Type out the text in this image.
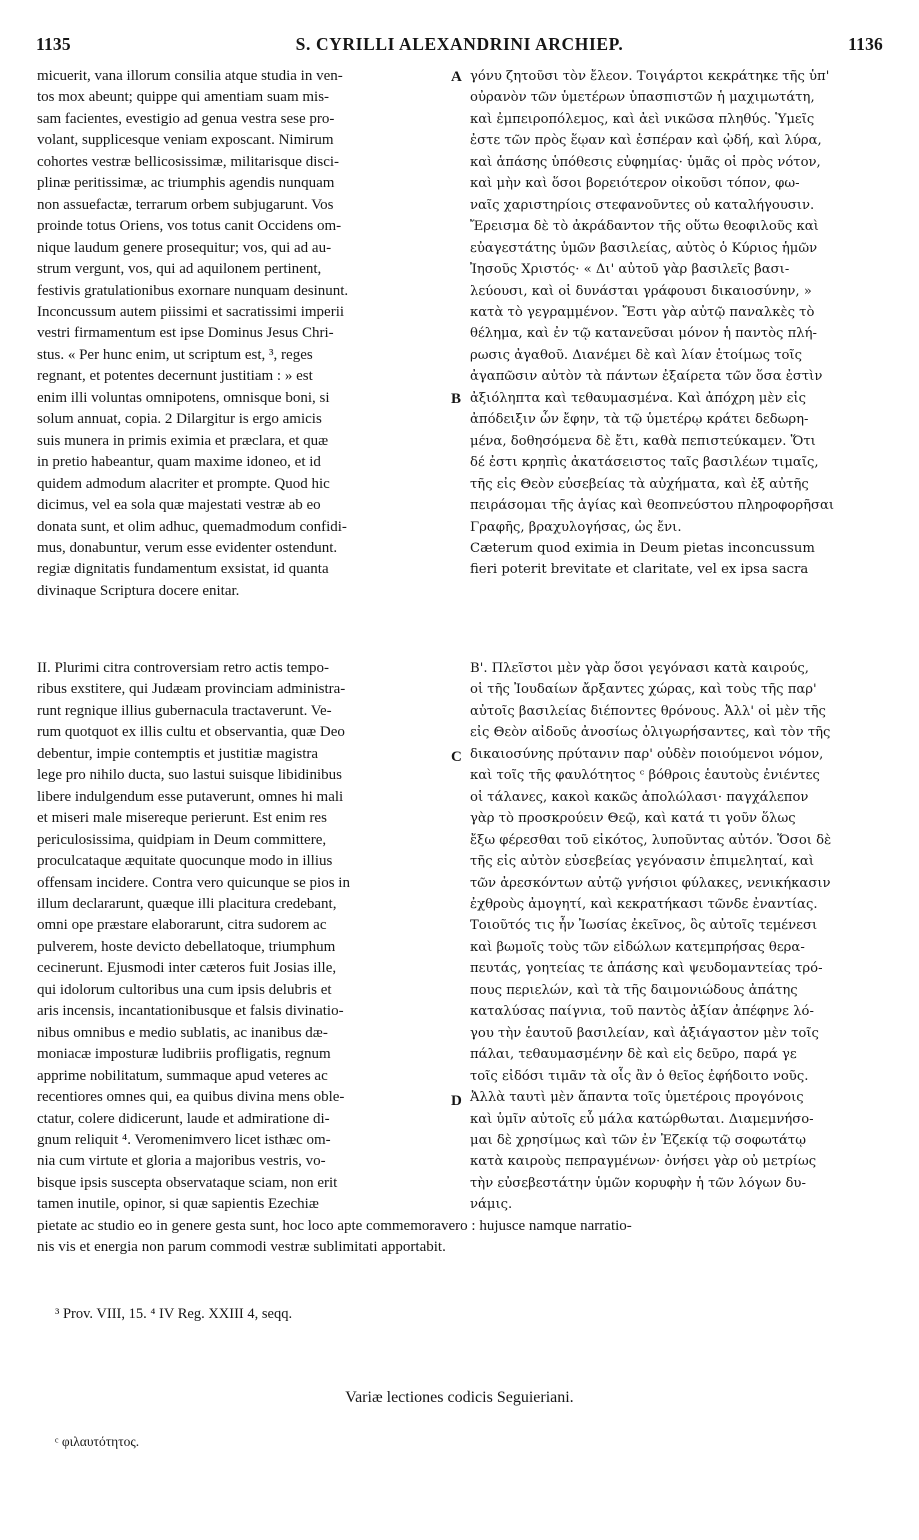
1135	S. CYRILLI ALEXANDRINI ARCHIEP.	1136
micuerit, vana illorum consilia atque studia in ven-
tos mox abeunt; quippe qui amentiam suam mis-
sam facientes, evestigio ad genua vestra sese pro-
volant, supplicesque veniam exposcant. Nimirum
cohortes vestræ bellicosissimæ, militarisque disci-
plinæ peritissimæ, ac triumphis agendis nunquam
non assuefactæ, terrarum orbem subjugarunt. Vos
proinde totus Oriens, vos totus canit Occidens om-
nique laudum genere prosequitur; vos, qui ad au-
strum vergunt, vos, qui ad aquilonem pertinent,
festivis gratulationibus exornare nunquam desinunt.
Inconcussum autem piissimi et sacratissimi imperii
vestri firmamentum est ipse Dominus Jesus Chri-
stus. « Per hunc enim, ut scriptum est, ³, reges
regnant, et potentes decernunt justitiam : » est
enim illi voluntas omnipotens, omnisque boni, si
solum annuat, copia. 2 Dilargitur is ergo amicis
suis munera in primis eximia et præclara, et quæ
in pretio habeantur, quam maxime idoneo, et id
quidem admodum alacriter et prompte. Quod hic
dicimus, vel ea sola quæ majestati vestræ ab eo
donata sunt, et olim adhuc, quemadmodum confidi-
mus, donabuntur, verum esse evidenter ostendunt.
regiæ dignitatis fundamentum exsistat, id quanta
divinaque Scriptura docere enitar.
γόνυ ζητοῦσι τὸν ἔλεον. Τοιγάρτοι κεκράτηκε τῆς ὑπ'
οὐρανὸν τῶν ὑμετέρων ὑπασπιστῶν ἡ μαχιμωτάτη,
καὶ ἐμπειροπόλεμος, καὶ ἀεὶ νικῶσα πληθύς. Ὑμεῖς
ἐστε τῶν πρὸς ἕῳαν καὶ ἑσπέραν καὶ ᾠδή, καὶ λύρα,
καὶ ἁπάσης ὑπόθεσις εὐφημίας· ὑμᾶς οἱ πρὸς νότον,
καὶ μὴν καὶ ὅσοι βορειότερον οἰκοῦσι τόπον, φω-
ναῖς χαριστηρίοις στεφανοῦντες οὐ καταλήγουσιν.
Ἔρεισμα δὲ τὸ ἀκράδαντον τῆς οὕτω θεοφιλοῦς καὶ
εὐαγεστάτης ὑμῶν βασιλείας, αὐτὸς ὁ Κύριος ἡμῶν
Ἰησοῦς Χριστός· « Δι' αὐτοῦ γὰρ βασιλεῖς βασι-
λεύουσι, καὶ οἱ δυνάσται γράφουσι δικαιοσύνην, »
κατὰ τὸ γεγραμμένον. Ἔστι γὰρ αὐτῷ παναλκὲς τὸ
θέλημα, καὶ ἐν τῷ κατανεῦσαι μόνον ἡ παντὸς πλή-
ρωσις ἀγαθοῦ. Διανέμει δὲ καὶ λίαν ἑτοίμως τοῖς
ἀγαπῶσιν αὐτὸν τὰ πάντων ἐξαίρετα τῶν ὅσα ἐστὶν
ἀξιόληπτα καὶ τεθαυμασμένα. Καὶ ἀπόχρη μὲν εἰς
ἀπόδειξιν ὧν ἔφην, τὰ τῷ ὑμετέρῳ κράτει δεδωρη-
μένα, δοθησόμενα δὲ ἔτι, καθὰ πεπιστεύκαμεν. Ὅτι
δέ ἐστι κρηπὶς ἀκατάσειστος ταῖς βασιλέων τιμαῖς,
τῆς εἰς Θεὸν εὐσεβείας τὰ αὐχήματα, καὶ ἐξ αὐτῆς
πειράσομαι τῆς ἁγίας καὶ θεοπνεύστου πληροφορῆσαι
Γραφῆς, βραχυλογήσας, ὡς ἔνι.
Cæterum quod eximia in Deum pietas inconcussum
fieri poterit brevitate et claritate, vel ex ipsa sacra
A
B
II. Plurimi citra controversiam retro actis tempo-
ribus exstitere, qui Judæam provinciam administra-
runt regnique illius gubernacula tractaverunt. Ve-
rum quotquot ex illis cultu et observantia, quæ Deo
debentur, impie contemptis et justitiæ magistra
lege pro nihilo ducta, suo lastui suisque libidinibus
libere indulgendum esse putaverunt, omnes hi mali
et miseri male misereque perierunt. Est enim res
periculosissima, quidpiam in Deum committere,
proculcataque æquitate quocunque modo in illius
offensam incidere. Contra vero quicunque se pios in
illum declararunt, quæque illi placitura credebant,
omni ope præstare elaborarunt, citra sudorem ac
pulverem, hoste devicto debellatoque, triumphum
cecinerunt. Ejusmodi inter cæteros fuit Josias ille,
qui idolorum cultoribus una cum ipsis delubris et
aris incensis, incantationibusque et falsis divinatio-
nibus omnibus e medio sublatis, ac inanibus dæ-
moniacæ imposturæ ludibriis profligatis, regnum
apprime nobilitatum, summaque apud veteres ac
recentiores omnes qui, ea quibus divina mens oble-
ctatur, colere didicerunt, laude et admiratione di-
gnum reliquit ⁴. Veromenimvero licet isthæc om-
nia cum virtute et gloria a majoribus vestris, vo-
bisque ipsis suscepta observataque sciam, non erit
tamen inutile, opinor, si quæ sapientis Ezechiæ
Β'. Πλεῖστοι μὲν γὰρ ὅσοι γεγόνασι κατὰ καιρούς,
οἱ τῆς Ἰουδαίων ἄρξαντες χώρας, καὶ τοὺς τῆς παρ'
αὐτοῖς βασιλείας διέποντες θρόνους. Ἀλλ' οἱ μὲν τῆς
εἰς Θεὸν αἰδοῦς ἀνοσίως ὀλιγωρήσαντες, καὶ τὸν τῆς
δικαιοσύνης πρύτανιν παρ' οὐδὲν ποιούμενοι νόμον,
καὶ τοῖς τῆς φαυλότητος ᶜ βόθροις ἑαυτοὺς ἐνιέντες
οἱ τάλανες, κακοὶ κακῶς ἀπολώλασι· παγχάλεπον
γὰρ τὸ προσκρούειν Θεῷ, καὶ κατά τι γοῦν ὅλως
ἔξω φέρεσθαι τοῦ εἰκότος, λυποῦντας αὐτόν. Ὅσοι δὲ
τῆς εἰς αὐτὸν εὐσεβείας γεγόνασιν ἐπιμεληταί, καὶ
τῶν ἀρεσκόντων αὐτῷ γνήσιοι φύλακες, νενικήκασιν
ἐχθροὺς ἀμογητί, καὶ κεκρατήκασι τῶνδε ἐναντίας.
Τοιοῦτός τις ἦν Ἰωσίας ἐκεῖνος, ὃς αὐτοῖς τεμένεσι
καὶ βωμοῖς τοὺς τῶν εἰδώλων κατεμπρήσας θερα-
πευτάς, γοητείας τε ἁπάσης καὶ ψευδομαντείας τρό-
πους περιελών, καὶ τὰ τῆς δαιμονιώδους ἀπάτης
καταλύσας παίγνια, τοῦ παντὸς ἀξίαν ἀπέφηνε λό-
γου τὴν ἑαυτοῦ βασιλείαν, καὶ ἀξιάγαστον μὲν τοῖς
πάλαι, τεθαυμασμένην δὲ καὶ εἰς δεῦρο, παρά γε
τοῖς εἰδόσι τιμᾶν τὰ οἷς ἂν ὁ θεῖος ἐφήδοιτο νοῦς.
Ἀλλὰ ταυτὶ μὲν ἅπαντα τοῖς ὑμετέροις προγόνοις
καὶ ὑμῖν αὐτοῖς εὖ μάλα κατώρθωται. Διαμεμνήσο-
μαι δὲ χρησίμως καὶ τῶν ἐν Ἐζεκίᾳ τῷ σοφωτάτῳ
κατὰ καιροὺς πεπραγμένων· ὀνήσει γὰρ οὐ μετρίως
τὴν εὐσεβεστάτην ὑμῶν κορυφὴν ἡ τῶν λόγων δυ-
νάμις.
pietate ac studio eo in genere gesta sunt, hoc loco apte commemoravero : hujusce namque narratio-
nis vis et energia non parum commodi vestræ sublimitati apportabit.
C
D
³ Prov. VIII, 15. ⁴ IV Reg. XXIII 4, seqq.
Variæ lectiones codicis Seguieriani.
ᶜ φιλαυτότητος.
